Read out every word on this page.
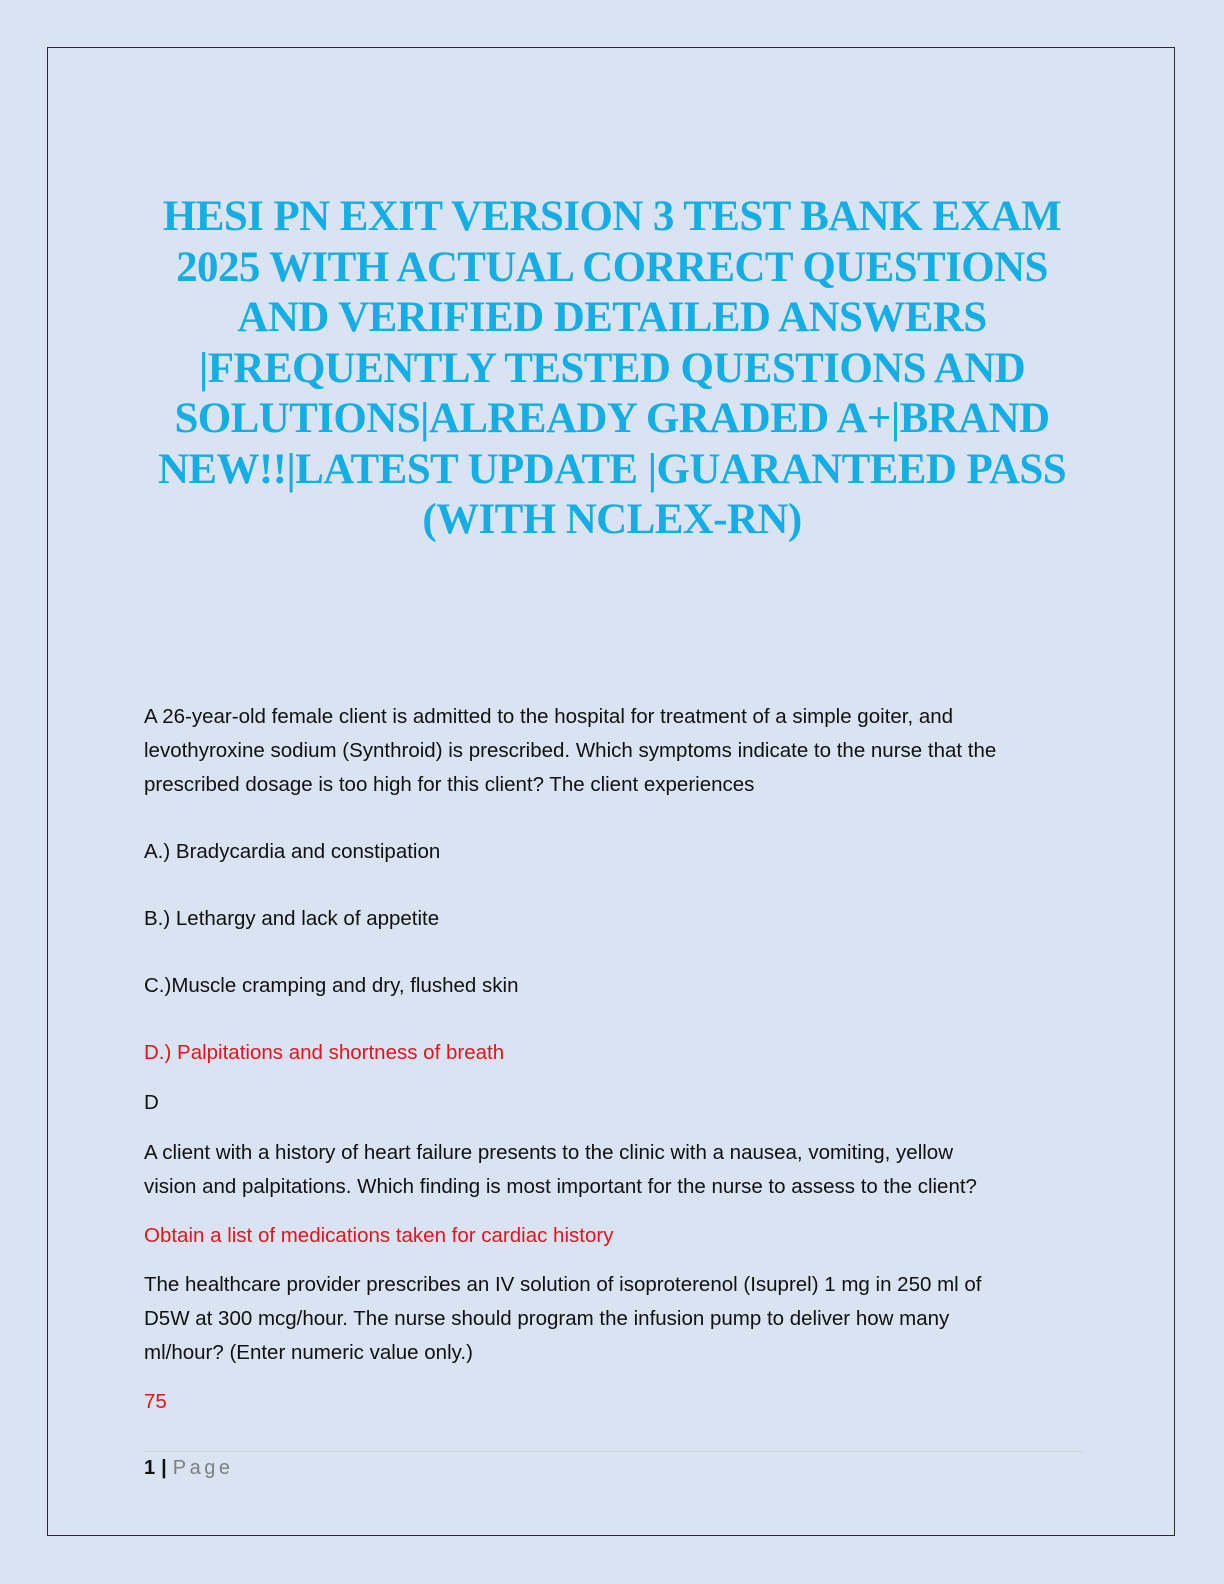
HESI PN EXIT VERSION 3 TEST BANK EXAM
2025 WITH ACTUAL CORRECT QUESTIONS
AND VERIFIED DETAILED ANSWERS
|FREQUENTLY TESTED QUESTIONS AND
SOLUTIONS|ALREADY GRADED A+|BRAND
NEW!!|LATEST UPDATE |GUARANTEED PASS
(WITH NCLEX-RN)

A 26-year-old female client is admitted to the hospital for treatment of a simple goiter, and
levothyroxine sodium (Synthroid) is prescribed. Which symptoms indicate to the nurse that the
prescribed dosage is too high for this client? The client experiences

A.) Bradycardia and constipation

B.) Lethargy and lack of appetite

C.)Muscle cramping and dry, flushed skin

D.) Palpitations and shortness of breath

D

A client with a history of heart failure presents to the clinic with a nausea, vomiting, yellow
vision and palpitations. Which finding is most important for the nurse to assess to the client?

Obtain a list of medications taken for cardiac history

The healthcare provider prescribes an IV solution of isoproterenol (Isuprel) 1 mg in 250 ml of
D5W at 300 mcg/hour. The nurse should program the infusion pump to deliver how many
ml/hour? (Enter numeric value only.)

75

1 | Page
